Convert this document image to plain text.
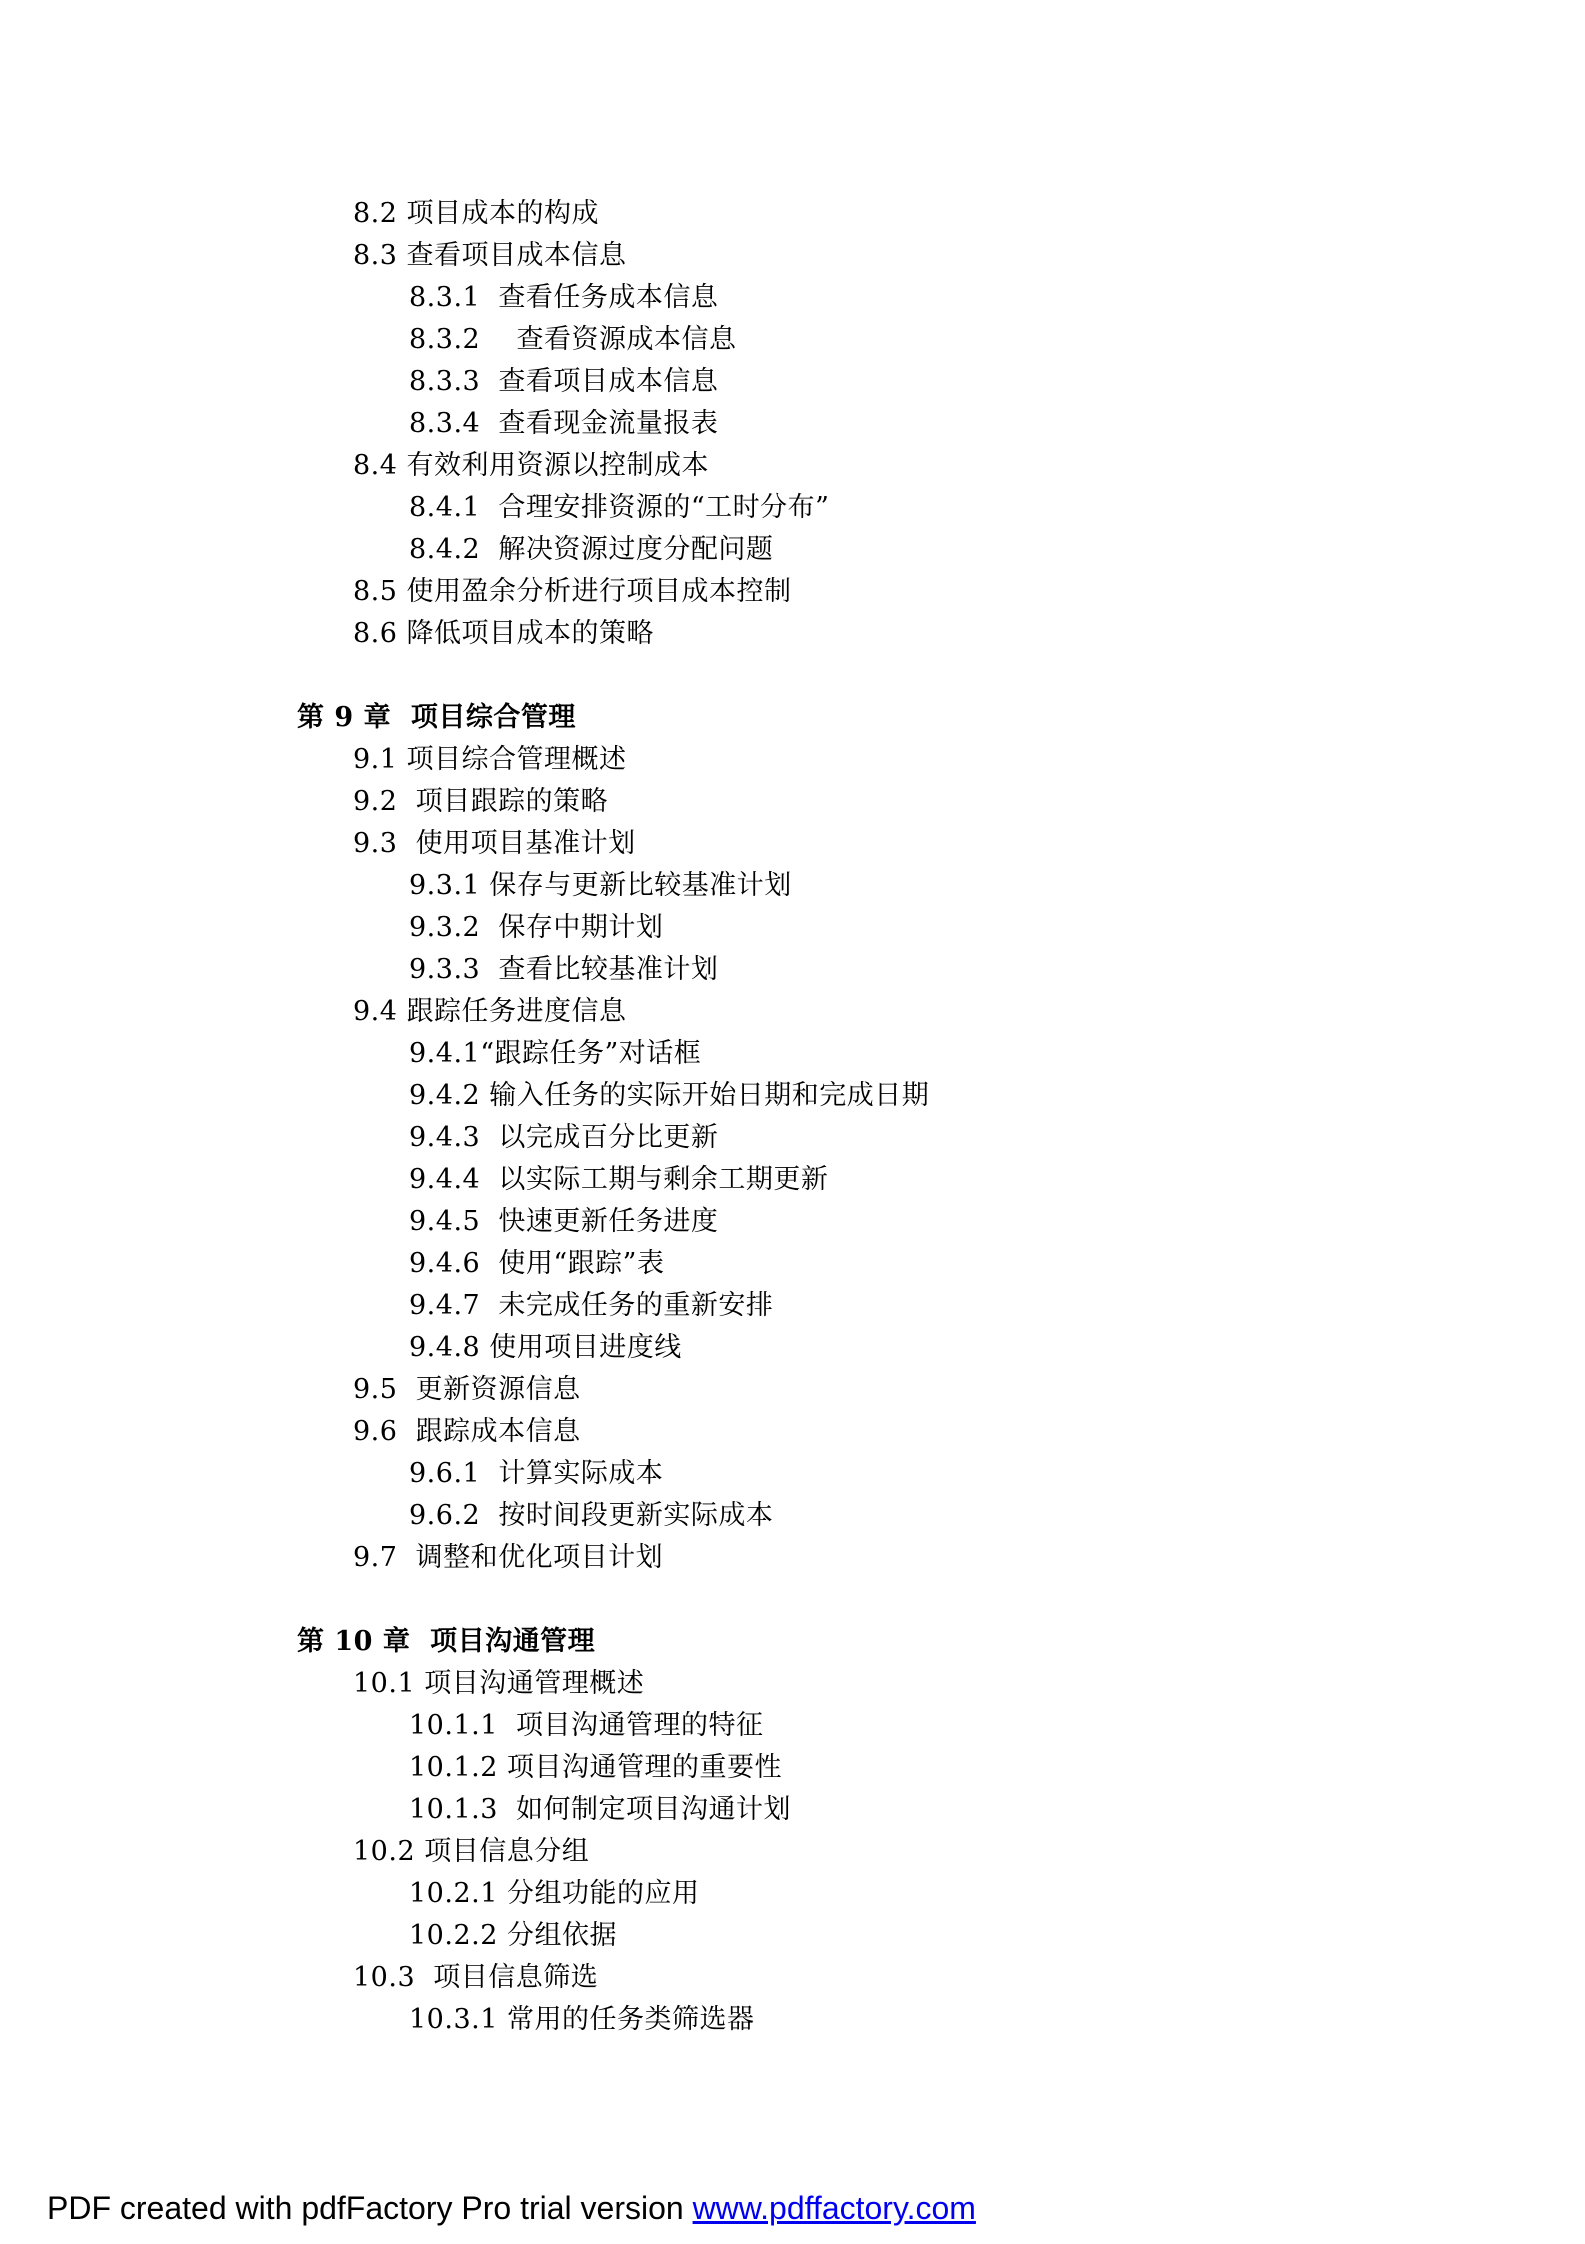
8.2 项目成本的构成
8.3 查看项目成本信息
8.3.1  查看任务成本信息
8.3.2    查看资源成本信息
8.3.3  查看项目成本信息
8.3.4  查看现金流量报表
8.4 有效利用资源以控制成本
8.4.1  合理安排资源的“工时分布”
8.4.2  解决资源过度分配问题
8.5 使用盈余分析进行项目成本控制
8.6 降低项目成本的策略
第 9 章  项目综合管理
9.1 项目综合管理概述
9.2  项目跟踪的策略
9.3  使用项目基准计划
9.3.1 保存与更新比较基准计划
9.3.2  保存中期计划
9.3.3  查看比较基准计划
9.4 跟踪任务进度信息
9.4.1“跟踪任务”对话框
9.4.2 输入任务的实际开始日期和完成日期
9.4.3  以完成百分比更新
9.4.4  以实际工期与剩余工期更新
9.4.5  快速更新任务进度
9.4.6  使用“跟踪”表
9.4.7  未完成任务的重新安排
9.4.8 使用项目进度线
9.5  更新资源信息
9.6  跟踪成本信息
9.6.1  计算实际成本
9.6.2  按时间段更新实际成本
9.7  调整和优化项目计划
第 10 章  项目沟通管理
10.1 项目沟通管理概述
10.1.1  项目沟通管理的特征
10.1.2 项目沟通管理的重要性
10.1.3  如何制定项目沟通计划
10.2 项目信息分组
10.2.1 分组功能的应用
10.2.2 分组依据
10.3  项目信息筛选
10.3.1 常用的任务类筛选器
PDF created with pdfFactory Pro trial version www.pdffactory.com
